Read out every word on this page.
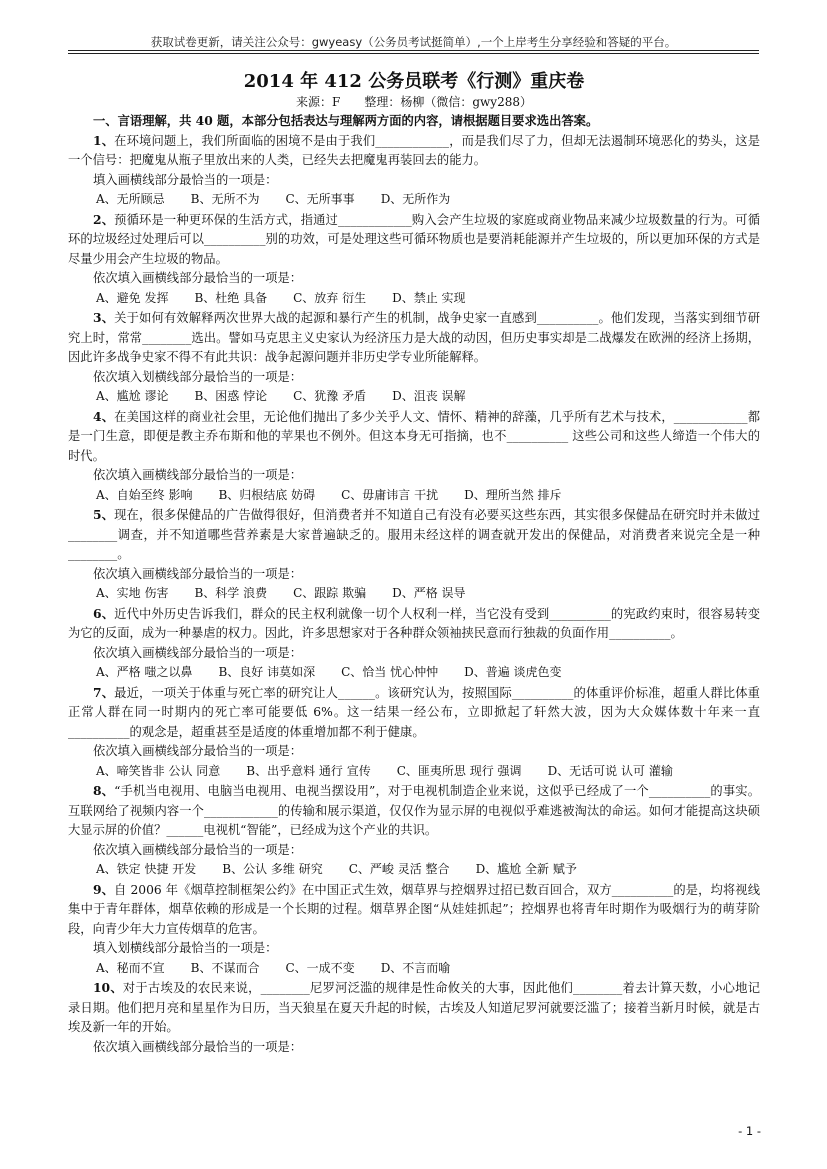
获取试卷更新，请关注公众号：gwyeasy（公务员考试挺简单）,一个上岸考生分享经验和答疑的平台。
2014 年 412 公务员联考《行测》重庆卷
来源：F　　整理：杨柳（微信：gwy288）
一、言语理解，共 40 题，本部分包括表达与理解两方面的内容，请根据题目要求选出答案。
1、在环境问题上，我们所面临的困境不是由于我们____________，而是我们尽了力，但却无法遏制环境恶化的势头，这是一个信号：把魔鬼从瓶子里放出来的人类，已经失去把魔鬼再装回去的能力。
填入画横线部分最恰当的一项是：
A、无所顾忌 B、无所不为 C、无所事事 D、无所作为
2、预循环是一种更环保的生活方式，指通过____________购入会产生垃圾的家庭或商业物品来减少垃圾数量的行为。可循环的垃圾经过处理后可以__________别的功效，可是处理这些可循环物质也是要消耗能源并产生垃圾的，所以更加环保的方式是尽量少用会产生垃圾的物品。
依次填入画横线部分最恰当的一项是：
A、避免 发挥 B、杜绝 具备 C、放弃 衍生 D、禁止 实现
3、关于如何有效解释两次世界大战的起源和暴行产生的机制，战争史家一直感到__________。他们发现，当落实到细节研究上时，常常________选出。譬如马克思主义史家认为经济压力是大战的动因，但历史事实却是二战爆发在欧洲的经济上扬期，因此许多战争史家不得不有此共识：战争起源问题并非历史学专业所能解释。
依次填入划横线部分最恰当的一项是：
A、尴尬 谬论 B、困惑 悖论 C、犹豫 矛盾 D、沮丧 误解
4、在美国这样的商业社会里，无论他们抛出了多少关乎人文、情怀、精神的辞藻，几乎所有艺术与技术，____________都是一门生意，即便是教主乔布斯和他的苹果也不例外。但这本身无可指摘，也不__________ 这些公司和这些人缔造一个伟大的时代。
依次填入画横线部分最恰当的一项是：
A、自始至终 影响 B、归根结底 妨碍 C、毋庸讳言 干扰 D、理所当然 排斥
5、现在，很多保健品的广告做得很好，但消费者并不知道自己有没有必要买这些东西，其实很多保健品在研究时并未做过________调查，并不知道哪些营养素是大家普遍缺乏的。服用未经这样的调查就开发出的保健品，对消费者来说完全是一种________。
依次填入画横线部分最恰当的一项是：
A、实地 伤害 B、科学 浪费 C、跟踪 欺骗 D、严格 误导
6、近代中外历史告诉我们，群众的民主权利就像一切个人权利一样，当它没有受到__________的宪政约束时，很容易转变为它的反面，成为一种暴虐的权力。因此，许多思想家对于各种群众领袖挟民意而行独裁的负面作用__________。
依次填入画横线部分最恰当的一项是：
A、严格 嗤之以鼻 B、良好 讳莫如深 C、恰当 忧心忡忡 D、普遍 谈虎色变
7、最近，一项关于体重与死亡率的研究让人______。该研究认为，按照国际__________的体重评价标准，超重人群比体重正常人群在同一时期内的死亡率可能要低 6%。这一结果一经公布，立即掀起了轩然大波，因为大众媒体数十年来一直__________的观念是，超重甚至是适度的体重增加都不利于健康。
依次填入画横线部分最恰当的一项是：
A、啼笑皆非 公认 同意 B、出乎意料 通行 宣传 C、匪夷所思 现行 强调 D、无话可说 认可 灌输
8、“手机当电视用、电脑当电视用、电视当摆设用”，对于电视机制造企业来说，这似乎已经成了一个__________的事实。互联网给了视频内容一个____________的传输和展示渠道，仅仅作为显示屏的电视似乎难逃被淘汰的命运。如何才能提高这块硕大显示屏的价值？______电视机“智能”，已经成为这个产业的共识。
依次填入画横线部分最恰当的一项是：
A、铁定 快捷 开发 B、公认 多维 研究 C、严峻 灵活 整合 D、尴尬 全新 赋予
9、自 2006 年《烟草控制框架公约》在中国正式生效，烟草界与控烟界过招已数百回合，双方__________的是，均将视线集中于青年群体，烟草依赖的形成是一个长期的过程。烟草界企图“从娃娃抓起”；控烟界也将青年时期作为吸烟行为的萌芽阶段，向青少年大力宣传烟草的危害。
填入划横线部分最恰当的一项是：
A、秘而不宣 B、不谋而合 C、一成不变 D、不言而喻
10、对于古埃及的农民来说，________尼罗河泛滥的规律是性命攸关的大事，因此他们________着去计算天数，小心地记录日期。他们把月亮和星星作为日历，当天狼星在夏天升起的时候，古埃及人知道尼罗河就要泛滥了；接着当新月时候，就是古埃及新一年的开始。
依次填入画横线部分最恰当的一项是：
- 1 -
